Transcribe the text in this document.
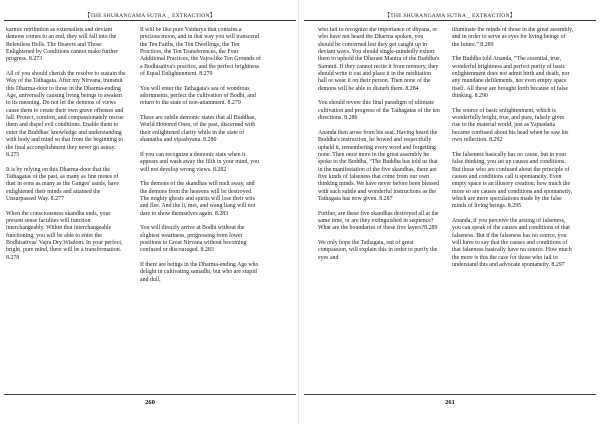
【THE SHURANGAMA SUTRA _ EXTRACTION】

karmic retribution as externalists and deviant demons comes to an end, they will fall into the Relentless Hells. The Hearers and Those Enlightened by Conditions cannot make further progress. 8.273

All of you should cherish the resolve to sustain the Way of the Tathagata. After my Nirvana, transmit this Dharma-door to those in the Dharma-ending Age, universally causing living beings to awaken to its meaning. Do not let the demons of views cause them to create their own grave offenses and fall. Protect, comfort, and compassionately rescue them and dispel evil conditions. Enable them to enter the Buddhas' knowledge and understanding with body and mind so that from the beginning to the final accomplishment they never go astray. 8.275

It is by relying on this Dharma-door that the Tathagatas of the past, as many as fine motes of dust in eons as many as the Ganges' sands, have enlightened their minds and attained the Unsurpassed Way. 8.277

When the consciousness skandha ends, your present sense faculties will function interchangeably. Within that interchangeable functioning, you will be able to enter the Bodhisattvas' Vajra Dry Wisdom. In your perfect, bright, pure mind, there will be a transformation. 8.278

It will be like pure Vaidurya that contains a precious moon, and in that way you will transcend the Ten Faiths, the Ten Dwellings, the Ten Practices, the Ten Transferences, the Four Additional Practices, the Vajra-like Ten Grounds of a Bodhisattva's practice, and the perfect brightness of Equal Enlightenment. 8.279

You will enter the Tathagata's sea of wondrous adornments, perfect the cultivation of Bodhi, and return to the state of non-attainment. 8.279

These are subtle demonic states that all Buddhas, World Honored Ones, of the past, discerned with their enlightened clarity while in the state of shamatha and vipashyana. 8.280

If you can recognize a demonic state when it appears and wash away the filth in your mind, you will not develop wrong views. 8.282

The demons of the skandhas will melt away, and the demons from the heavens will be destroyed. The mighty ghosts and spirits will lose their wits and flee. And the li, mei, and wang liang will not dare to show themselves again. 8.283

You will directly arrive at Bodhi without the slightest weariness, progressing from lower positions to Great Nirvana without becoming confused or discouraged. 8.283

If there are beings in the Dharma-ending Age who delight in cultivating samadhi, but who are stupid and dull,

260
【THE SHURANGAMA SUTRA _ EXTRACTION】

who fail to recognize the importance of dhyana, or who have not heard the Dharma spoken, you should be concerned lest they get caught up in deviant ways. You should single-mindedly exhort them to uphold the Dharani Mantra of the Buddha's Summit. If they cannot recite it from memory, they should write it out and place it in the meditation hall or wear it on their person. Then none of the demons will be able to disturb them. 8.284

You should revere this final paradigm of ultimate cultivation and progress of the Tathagatas of the ten directions. 8.286

Ananda then arose from his seat. Having heard the Buddha's instruction, he bowed and respectfully upheld it, remembering every word and forgetting none. Then once more in the great assembly he spoke to the Buddha, “The Buddha has told us that in the manifestation of the five skandhas, there are five kinds of falseness that come from our own thinking minds. We have never before been blessed with such subtle and wonderful instructions as the Tathagata has now given. 8.287

Further, are these five skandhas destroyed all at the same time, or are they extinguished in sequence? What are the boundaries of these five layers?8.289

We only hope the Tathagata, out of great compassion, will explain this in order to purify the eyes and

illuminate the minds of those in the great assembly, and in order to serve as eyes for living beings of the future.” 8.289

The Buddha told Ananda, “The essential, true, wonderful brightness and perfect purity of basic enlightenment does not admit birth and death, nor any mundane defilements, nor even empty space itself. All these are brought forth because of false thinking. 8.290

The source of basic enlightenment, which is wonderfully bright, true, and pure, falsely gives rise to the material world, just as Yajnadatta became confused about his head when he saw his own reflection. 8.292

The falseness basically has no cause, but in your false thinking, you set up causes and conditions. But those who are confused about the principle of causes and conditions call it spontaneity. Even empty space is an illusory creation; how much the more so are causes and conditions and spontaneity, which are mere speculations made by the false minds of living beings. 8.295

Ananda, if you perceive the arising of falseness, you can speak of the causes and conditions of that falseness. But if the falseness has no source, you will have to say that the causes and conditions of that falseness basically have no source. How much the more is this the case for those who fail to understand this and advocate spontaneity. 8.297

261
